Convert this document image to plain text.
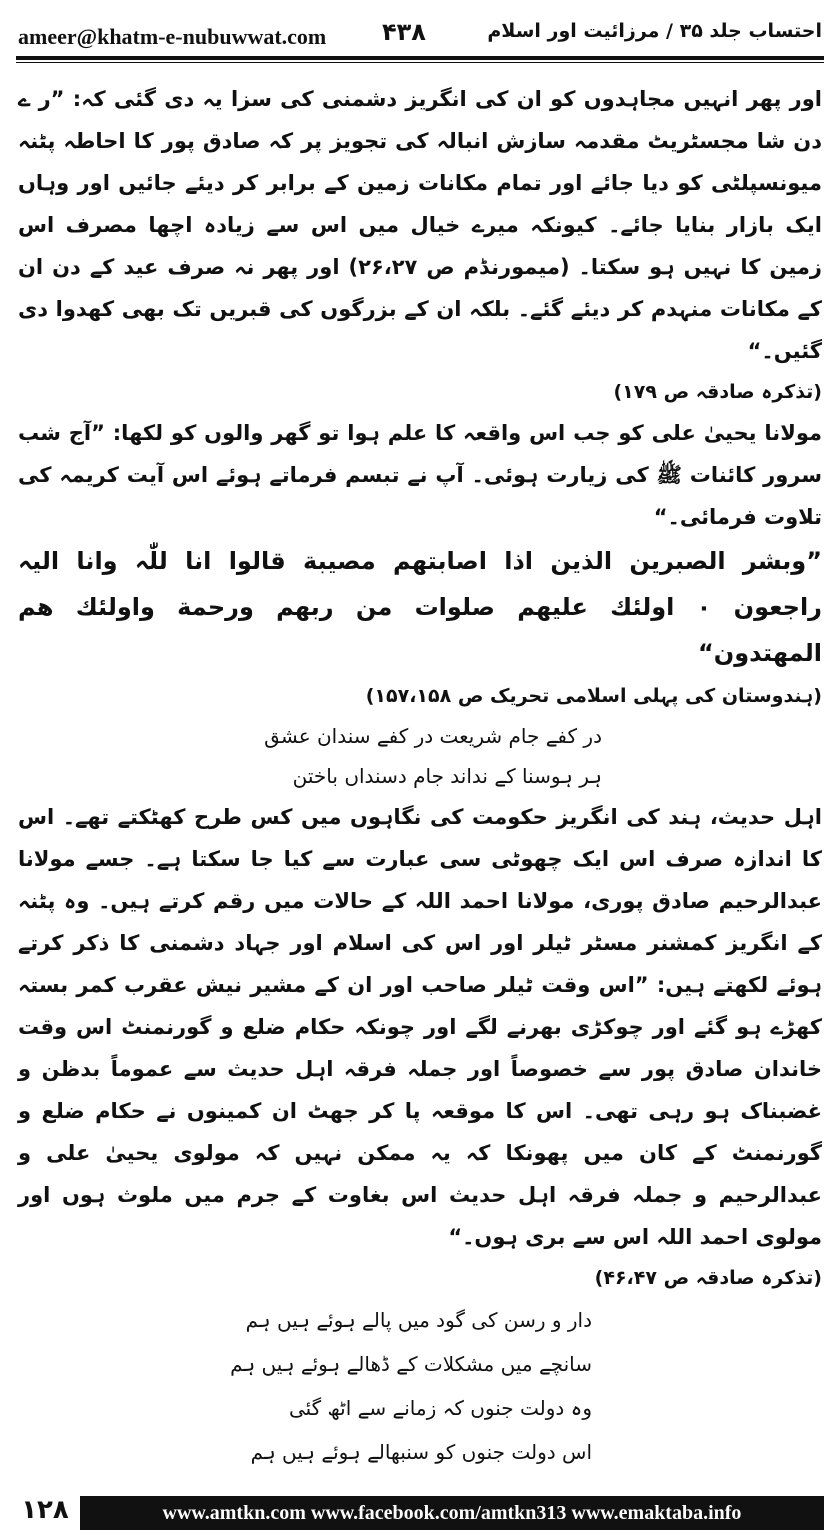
ameer@khatm-e-nubuwwat.com ۴۳۸	احتساب جلد ۳۵ / مرزائیت اور اسلام

اور پھر انہیں مجاہدوں کو ان کی انگریز دشمنی کی سزا یہ دی گئی کہ: ”ر ے دن شا مجسٹریٹ مقدمہ سازش انبالہ کی تجویز پر کہ صادق پور کا احاطہ پٹنہ میونسپلٹی کو دیا جائے اور تمام مکانات زمین کے برابر کر دیئے جائیں اور وہاں ایک بازار بنایا جائے۔ کیونکہ میرے خیال میں اس سے زیادہ اچھا مصرف اس زمین کا نہیں ہو سکتا۔ (میمورنڈم ص ۲۶،۲۷) اور پھر نہ صرف عید کے دن ان کے مکانات منہدم کر دیئے گئے۔ بلکہ ان کے بزرگوں کی قبریں تک بھی کھدوا دی گئیں۔“

(تذکرہ صادقہ ص ۱۷۹)

مولانا یحییٰ علی کو جب اس واقعہ کا علم ہوا تو گھر والوں کو لکھا: ”آج شب سرور کائنات ﷺ کی زیارت ہوئی۔ آپ نے تبسم فرماتے ہوئے اس آیت کریمہ کی تلاوت فرمائی۔“

”وبشر الصبرین الذین اذا اصابتھم مصیبة قالوا انا للّٰہ وانا الیہ راجعون ۰ اولئك علیھم صلوات من ربھم ورحمة واولئك ھم المھتدون“

(ہندوستان کی پہلی اسلامی تحریک ص ۱۵۷،۱۵۸)

در کفے جام شریعت در کفے سندان عشق

ہر ہوسنا کے نداند جام دسنداں باختن

اہل حدیث، ہند کی انگریز حکومت کی نگاہوں میں کس طرح کھٹکتے تھے۔ اس کا اندازہ صرف اس ایک چھوٹی سی عبارت سے کیا جا سکتا ہے۔ جسے مولانا عبدالرحیم صادق پوری، مولانا احمد اللہ کے حالات میں رقم کرتے ہیں۔ وہ پٹنہ کے انگریز کمشنر مسٹر ٹیلر اور اس کی اسلام اور جہاد دشمنی کا ذکر کرتے ہوئے لکھتے ہیں: ”اس وقت ٹیلر صاحب اور ان کے مشیر نیش عقرب کمر بستہ کھڑے ہو گئے اور چوکڑی بھرنے لگے اور چونکہ حکام ضلع و گورنمنٹ اس وقت خاندان صادق پور سے خصوصاً اور جملہ فرقہ اہل حدیث سے عموماً بدظن و غضبناک ہو رہی تھی۔ اس کا موقعہ پا کر جھٹ ان کمینوں نے حکام ضلع و گورنمنٹ کے کان میں پھونکا کہ یہ ممکن نہیں کہ مولوی یحییٰ علی و عبدالرحیم و جملہ فرقہ اہل حدیث اس بغاوت کے جرم میں ملوث ہوں اور مولوی احمد اللہ اس سے بری ہوں۔“

(تذکرہ صادقہ ص ۴۶،۴۷)

دار و رسن کی گود میں پالے ہوئے ہیں ہم

سانچے میں مشکلات کے ڈھالے ہوئے ہیں ہم

وہ دولت جنوں کہ زمانے سے اٹھ گئی

اس دولت جنوں کو سنبھالے ہوئے ہیں ہم

۱۲۸	www.amtkn.com www.facebook.com/amtkn313 www.emaktaba.info
